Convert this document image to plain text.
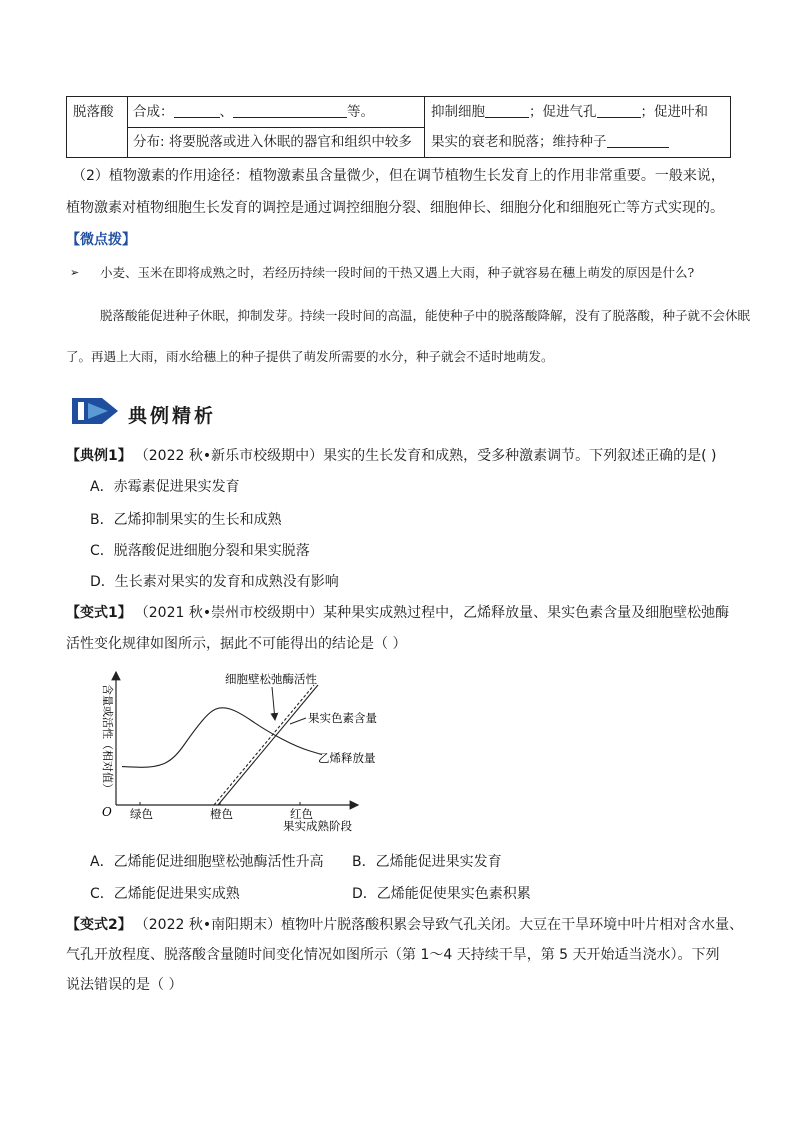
脱落酸 合成：	、	等。
分布: 将要脱落或进入休眠的器官和组织中较多
抑制细胞	；促进气孔	；促进叶和
果实的衰老和脱落；维持种子
（2）植物激素的作用途径：植物激素虽含量微少，但在调节植物生长发育上的作用非常重要。一般来说，
植物激素对植物细胞生长发育的调控是通过调控细胞分裂、细胞伸长、细胞分化和细胞死亡等方式实现的。
【微点拨】
➢ 小麦、玉米在即将成熟之时，若经历持续一段时间的干热又遇上大雨，种子就容易在穗上萌发的原因是什么?
脱落酸能促进种子休眠，抑制发芽。持续一段时间的高温，能使种子中的脱落酸降解，没有了脱落酸，种子就不会休眠
了。再遇上大雨，雨水给穗上的种子提供了萌发所需要的水分，种子就会不适时地萌发。
典例精析
【典例1】 （2022 秋•新乐市校级期中）果实的生长发育和成熟，受多种激素调节。下列叙述正确的是( )
A．赤霉素促进果实发育
B．乙烯抑制果实的生长和成熟
C．脱落酸促进细胞分裂和果实脱落
D．生长素对果实的发育和成熟没有影响
【变式1】 （2021 秋•崇州市校级期中）某种果实成熟过程中，乙烯释放量、果实色素含量及细胞壁松弛酶
活性变化规律如图所示，据此不可能得出的结论是（ ）
O 绿色	橙色	红色
果实成熟阶段
含量或活性（相对值）
细胞壁松弛酶活性
果实色素含量
乙烯释放量
A．乙烯能促进细胞壁松弛酶活性升高 B．乙烯能促进果实发育
C．乙烯能促进果实成熟	D．乙烯能促使果实色素积累
【变式2】 （2022 秋•南阳期末）植物叶片脱落酸积累会导致气孔关闭。大豆在干旱环境中叶片相对含水量、
气孔开放程度、脱落酸含量随时间变化情况如图所示（第 1～4 天持续干旱，第 5 天开始适当浇水）。下列
说法错误的是（ ）
